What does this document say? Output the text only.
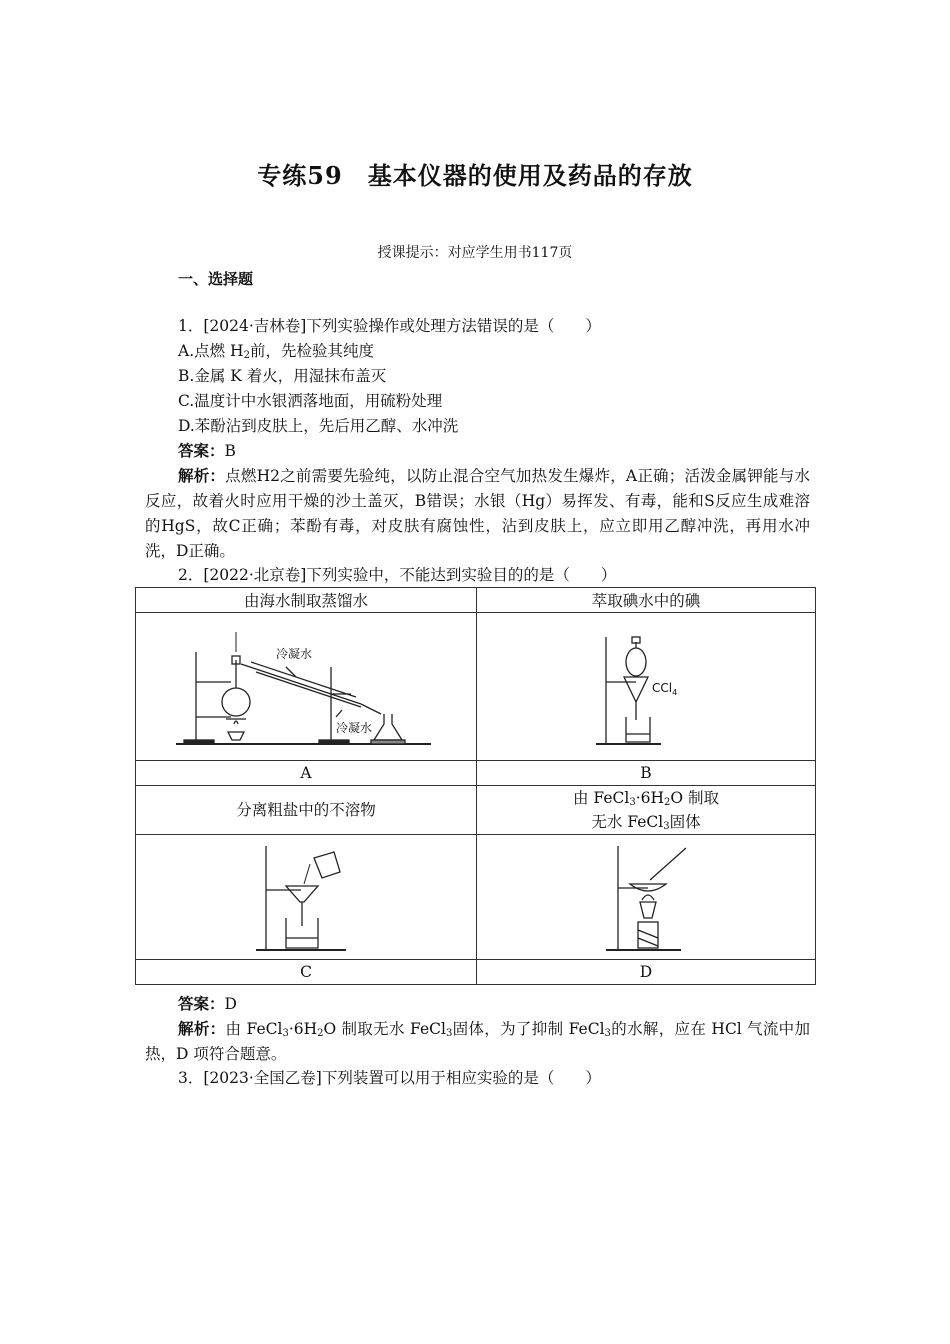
专练59　基本仪器的使用及药品的存放
授课提示：对应学生用书117页
一、选择题
1．[2024·吉林卷]下列实验操作或处理方法错误的是（　　）
A.点燃 $H_2$前，先检验其纯度
B.金属 K 着火，用湿抹布盖灭
C.温度计中水银洒落地面，用硫粉处理
D.苯酚沾到皮肤上，先后用乙醇、水冲洗
答案：B
解析：点燃H2之前需要先验纯，以防止混合空气加热发生爆炸，A正确；活泼金属钾能与水反应，故着火时应用干燥的沙土盖灭，B错误；水银（Hg）易挥发、有毒，能和S反应生成难溶的HgS，故C正确；苯酚有毒，对皮肤有腐蚀性，沾到皮肤上，应立即用乙醇冲洗，再用水冲洗，D正确。
2．[2022·北京卷]下列实验中，不能达到实验目的的是（　　）
由海水制取蒸馏水	萃取碘水中的碘

冷凝水
冷凝水	CCl$_4$

A	B
分离粗盐中的不溶物	由 $FeCl_3\cdot 6H_2O$ 制取
无水 FeCl$_3$固体

C	D
答案：D
解析：由 $FeCl_3\cdot 6H_2O$ 制取无水 FeCl$_3$固体，为了抑制 FeCl$_3$的水解，应在 HCl 气流中加热，D 项符合题意。
3．[2023·全国乙卷]下列装置可以用于相应实验的是（　　）
